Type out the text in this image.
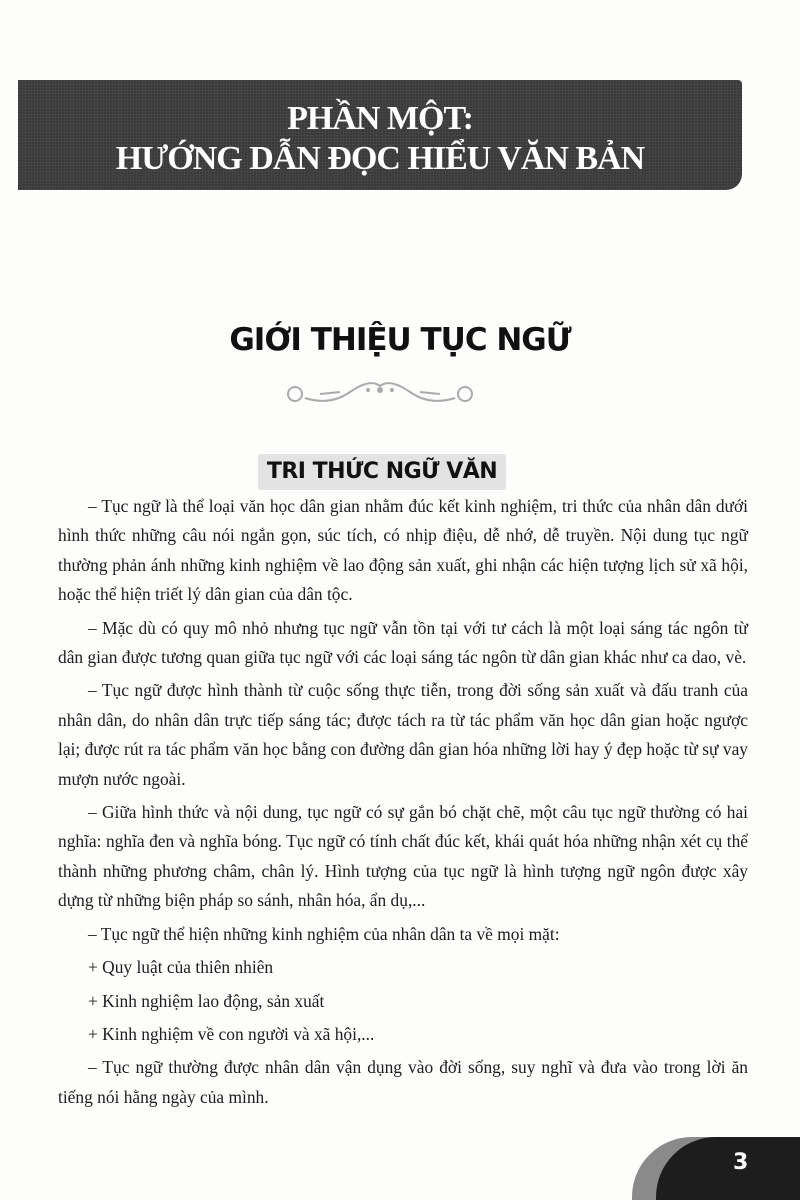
PHẦN MỘT:
HƯỚNG DẪN ĐỌC HIỂU VĂN BẢN
GIỚI THIỆU TỤC NGỮ
TRI THỨC NGỮ VĂN

– Tục ngữ là thể loại văn học dân gian nhằm đúc kết kinh nghiệm, tri thức của nhân dân dưới hình thức những câu nói ngắn gọn, súc tích, có nhịp điệu, dễ nhớ, dễ truyền. Nội dung tục ngữ thường phản ánh những kinh nghiệm về lao động sản xuất, ghi nhận các hiện tượng lịch sử xã hội, hoặc thể hiện triết lý dân gian của dân tộc.

– Mặc dù có quy mô nhỏ nhưng tục ngữ vẫn tồn tại với tư cách là một loại sáng tác ngôn từ dân gian được tương quan giữa tục ngữ với các loại sáng tác ngôn từ dân gian khác như ca dao, vè.

– Tục ngữ được hình thành từ cuộc sống thực tiễn, trong đời sống sản xuất và đấu tranh của nhân dân, do nhân dân trực tiếp sáng tác; được tách ra từ tác phẩm văn học dân gian hoặc ngược lại; được rút ra tác phẩm văn học bằng con đường dân gian hóa những lời hay ý đẹp hoặc từ sự vay mượn nước ngoài.

– Giữa hình thức và nội dung, tục ngữ có sự gắn bó chặt chẽ, một câu tục ngữ thường có hai nghĩa: nghĩa đen và nghĩa bóng. Tục ngữ có tính chất đúc kết, khái quát hóa những nhận xét cụ thể thành những phương châm, chân lý. Hình tượng của tục ngữ là hình tượng ngữ ngôn được xây dựng từ những biện pháp so sánh, nhân hóa, ẩn dụ,...

– Tục ngữ thể hiện những kinh nghiệm của nhân dân ta về mọi mặt:

+ Quy luật của thiên nhiên

+ Kinh nghiệm lao động, sản xuất

+ Kinh nghiệm về con người và xã hội,...

– Tục ngữ thường được nhân dân vận dụng vào đời sống, suy nghĩ và đưa vào trong lời ăn tiếng nói hằng ngày của mình.

3
